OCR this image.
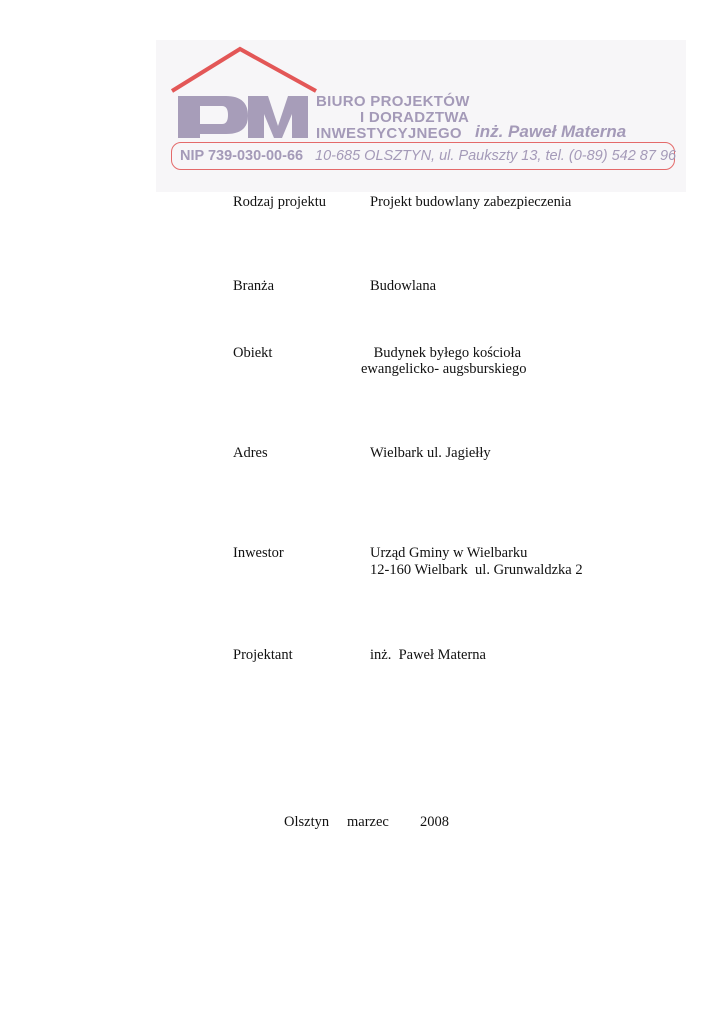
BIURO PROJEKTÓW
I DORADZTWA
INWESTYCYJNEGO inż. Paweł Materna
NIP 739-030-00-66 10-685 OLSZTYN, ul. Paukszty 13, tel. (0-89) 542 87 96
Rodzaj projektu	Projekt budowlany zabezpieczenia
Branża	Budowlana
Obiekt	Budynek byłego kościoła
ewangelicko- augsburskiego
Adres	Wielbark ul. Jagiełły
Inwestor	Urząd Gminy w Wielbarku
12-160 Wielbark  ul. Grunwaldzka 2
Projektant	inż.  Paweł Materna
Olsztyn marzec 2008
